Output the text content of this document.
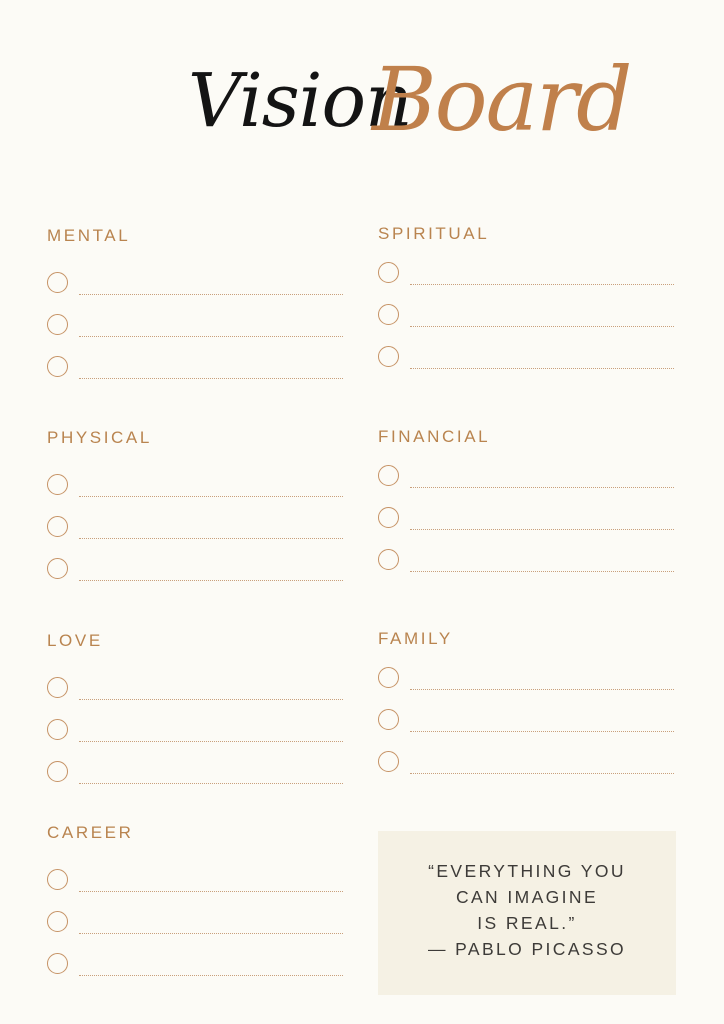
Vision
Board
MENTAL	SPIRITUAL
PHYSICAL	FINANCIAL
LOVE	FAMILY
CAREER
“EVERYTHING YOU
CAN IMAGINE
IS REAL.”
— PABLO PICASSO
